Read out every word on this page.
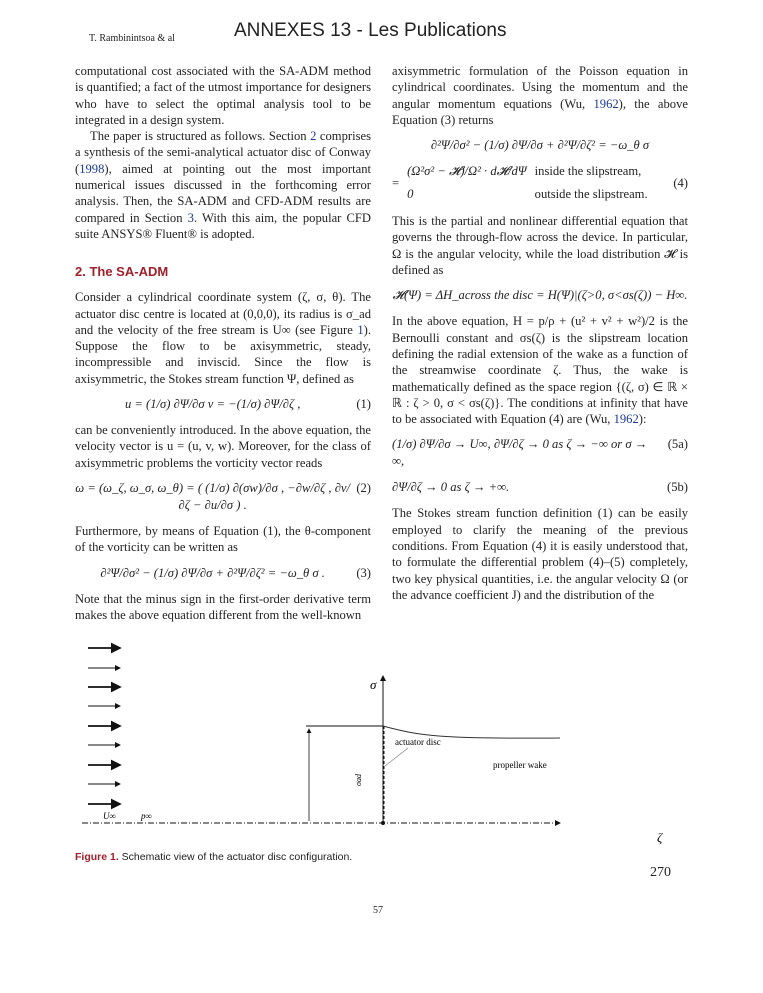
T. Rambinintsoa & al	ANNEXES 13 - Les Publications

computational cost associated with the SA-ADM method is quantified; a fact of the utmost importance for designers who have to select the optimal analysis tool to be integrated in a design system.

The paper is structured as follows. Section 2 comprises a synthesis of the semi-analytical actuator disc of Conway (1998), aimed at pointing out the most important numerical issues discussed in the forthcoming error analysis. Then, the SA-ADM and CFD-ADM results are compared in Section 3. With this aim, the popular CFD suite ANSYS® Fluent® is adopted.

2. The SA-ADM

Consider a cylindrical coordinate system (ζ, σ, θ). The actuator disc centre is located at (0,0,0), its radius is σ_ad and the velocity of the free stream is U∞ (see Figure 1). Suppose the flow to be axisymmetric, steady, incompressible and inviscid. Since the flow is axisymmetric, the Stokes stream function Ψ, defined as

u = (1/σ) ∂Ψ/∂σ v = −(1/σ) ∂Ψ/∂ζ ,	(1)

can be conveniently introduced. In the above equation, the velocity vector is u = (u, v, w). Moreover, for the class of axisymmetric problems the vorticity vector reads

ω = (ω_ζ, ω_σ, ω_θ) = ( (1/σ) ∂(σw)/∂σ , −∂w/∂ζ , ∂v/∂ζ − ∂u/∂σ ) .
(2)

Furthermore, by means of Equation (1), the θ-component of the vorticity can be written as

∂²Ψ/∂σ² − (1/σ) ∂Ψ/∂σ + ∂²Ψ/∂ζ² = −ω_θ σ .	(3)

Note that the minus sign in the first-order derivative term makes the above equation different from the well-known

axisymmetric formulation of the Poisson equation in cylindrical coordinates. Using the momentum and the angular momentum equations (Wu, 1962), the above Equation (3) returns

∂²Ψ/∂σ² − (1/σ) ∂Ψ/∂σ + ∂²Ψ/∂ζ² = −ω_θ σ
=
(Ω²σ² − 𝓗)/Ω² · d𝓗/dΨ inside the slipstream,
(4)
0	outside the slipstream.

This is the partial and nonlinear differential equation that governs the through-flow across the device. In particular, Ω is the angular velocity, while the load distribution 𝓗 is defined as

𝓗(Ψ) = ΔH_across the disc = H(Ψ)|(ζ>0, σ<σs(ζ)) − H∞.

In the above equation, H = p/ρ + (u² + v² + w²)/2 is the Bernoulli constant and σs(ζ) is the slipstream location defining the radial extension of the wake as a function of the streamwise coordinate ζ. Thus, the wake is mathematically defined as the space region {(ζ, σ) ∈ ℝ × ℝ : ζ > 0, σ < σs(ζ)}. The conditions at infinity that have to be associated with Equation (4) are (Wu, 1962):

(1/σ) ∂Ψ/∂σ → U∞, ∂Ψ/∂ζ → 0 as ζ → −∞ or σ → ∞,
(5a)
∂Ψ/∂ζ → 0 as ζ → +∞.	(5b)

The Stokes stream function definition (1) can be easily employed to clarify the meaning of the previous conditions. From Equation (4) it is easily understood that, to formulate the differential problem (4)–(5) completely, two key physical quantities, i.e. the angular velocity Ω (or the advance coefficient J) and the distribution of the

σ
ζ
σad
U∞	p∞
actuator disc
propeller wake
Figure 1. Schematic view of the actuator disc configuration.
270
57
